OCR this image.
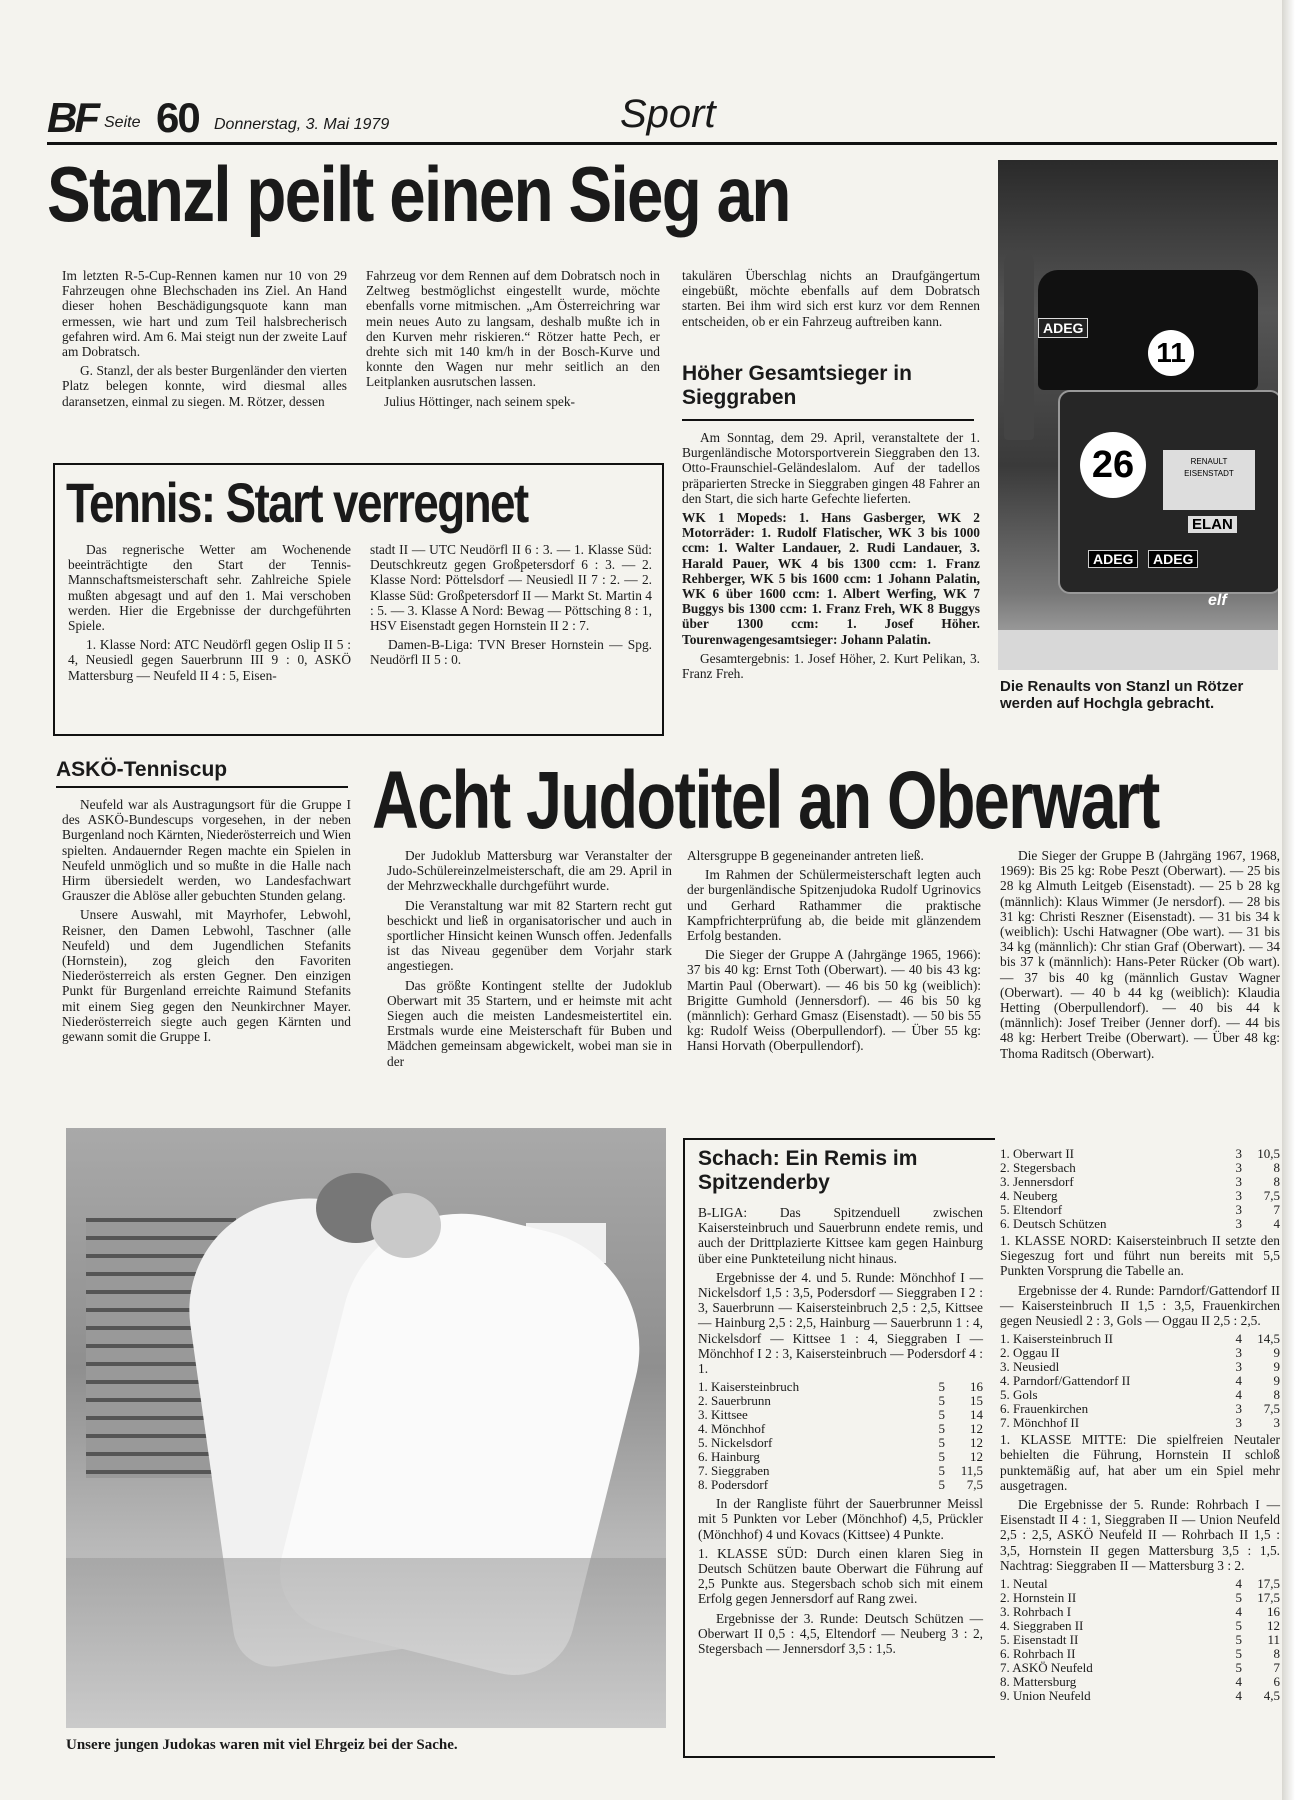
BF Seite 60 Donnerstag, 3. Mai 1979	Sport
Stanzl peilt einen Sieg an

Im letzten R-5-Cup-Rennen kamen nur 10 von 29 Fahrzeugen ohne Blechschaden ins Ziel. An Hand dieser hohen Beschädigungsquote kann man ermessen, wie hart und zum Teil halsbrecherisch gefahren wird. Am 6. Mai steigt nun der zweite Lauf am Dobratsch.

G. Stanzl, der als bester Burgenländer den vierten Platz belegen konnte, wird diesmal alles daransetzen, einmal zu siegen. M. Rötzer, dessen

Fahrzeug vor dem Rennen auf dem Dobratsch noch in Zeltweg bestmöglichst eingestellt wurde, möchte ebenfalls vorne mitmischen. „Am Österreichring war mein neues Auto zu langsam, deshalb mußte ich in den Kurven mehr riskieren.“ Rötzer hatte Pech, er drehte sich mit 140 km/h in der Bosch-Kurve und konnte den Wagen nur mehr seitlich an den Leitplanken ausrutschen lassen.

Julius Höttinger, nach seinem spek-

takulären Überschlag nichts an Draufgängertum eingebüßt, möchte ebenfalls auf dem Dobratsch starten. Bei ihm wird sich erst kurz vor dem Rennen entscheiden, ob er ein Fahrzeug auftreiben kann.	ADEG
11
26	RENAULT
EISENSTADT
ELAN
ADEG	ADEG
elf
Die Renaults von Stanzl un Rötzer werden auf Hochgla gebracht.
Höher Gesamtsieger in Sieggraben

Am Sonntag, dem 29. April, veranstaltete der 1. Burgenländische Motorsportverein Sieggraben den 13. Otto-Fraunschiel-Geländeslalom. Auf der tadellos präparierten Strecke in Sieggraben gingen 48 Fahrer an den Start, die sich harte Gefechte lieferten.

WK 1 Mopeds: 1. Hans Gasberger, WK 2 Motorräder: 1. Rudolf Flatischer, WK 3 bis 1000 ccm: 1. Walter Landauer, 2. Rudi Landauer, 3. Harald Pauer, WK 4 bis 1300 ccm: 1. Franz Rehberger, WK 5 bis 1600 ccm: 1 Johann Palatin, WK 6 über 1600 ccm: 1. Albert Werfing, WK 7 Buggys bis 1300 ccm: 1. Franz Freh, WK 8 Buggys über 1300 ccm: 1. Josef Höher. Tourenwagengesamtsieger: Johann Palatin.

Gesamtergebnis: 1. Josef Höher, 2. Kurt Pelikan, 3. Franz Freh.

Tennis: Start verregnet

Das regnerische Wetter am Wochenende beeinträchtigte den Start der Tennis-Mannschaftsmeisterschaft sehr. Zahlreiche Spiele mußten abgesagt und auf den 1. Mai verschoben werden. Hier die Ergebnisse der durchgeführten Spiele.

1. Klasse Nord: ATC Neudörfl gegen Oslip II 5 : 4, Neusiedl gegen Sauerbrunn III 9 : 0, ASKÖ Mattersburg — Neufeld II 4 : 5, Eisen-

stadt II — UTC Neudörfl II 6 : 3. — 1. Klasse Süd: Deutschkreutz gegen Großpetersdorf 6 : 3. — 2. Klasse Nord: Pöttelsdorf — Neusiedl II 7 : 2. — 2. Klasse Süd: Großpetersdorf II — Markt St. Martin 4 : 5. — 3. Klasse A Nord: Bewag — Pöttsching 8 : 1, HSV Eisenstadt gegen Hornstein II 2 : 7.

Damen-B-Liga: TVN Breser Hornstein — Spg. Neudörfl II 5 : 0.

ASKÖ-Tenniscup

Neufeld war als Austragungsort für die Gruppe I des ASKÖ-Bundescups vorgesehen, in der neben Burgenland noch Kärnten, Niederösterreich und Wien spielten. Andauernder Regen machte ein Spielen in Neufeld unmöglich und so mußte in die Halle nach Hirm übersiedelt werden, wo Landesfachwart Grauszer die Ablöse aller gebuchten Stunden gelang.

Unsere Auswahl, mit Mayrhofer, Lebwohl, Reisner, den Damen Lebwohl, Taschner (alle Neufeld) und dem Jugendlichen Stefanits (Hornstein), zog gleich den Favoriten Niederösterreich als ersten Gegner. Den einzigen Punkt für Burgenland erreichte Raimund Stefanits mit einem Sieg gegen den Neunkirchner Mayer. Niederösterreich siegte auch gegen Kärnten und gewann somit die Gruppe I.

Acht Judotitel an Oberwart

Der Judoklub Mattersburg war Veranstalter der Judo-Schülereinzelmeisterschaft, die am 29. April in der Mehrzweckhalle durchgeführt wurde.

Die Veranstaltung war mit 82 Startern recht gut beschickt und ließ in organisatorischer und auch in sportlicher Hinsicht keinen Wunsch offen. Jedenfalls ist das Niveau gegenüber dem Vorjahr stark angestiegen.

Das größte Kontingent stellte der Judoklub Oberwart mit 35 Startern, und er heimste mit acht Siegen auch die meisten Landesmeistertitel ein. Erstmals wurde eine Meisterschaft für Buben und Mädchen gemeinsam abgewickelt, wobei man sie in der

Altersgruppe B gegeneinander antreten ließ.

Im Rahmen der Schülermeisterschaft legten auch der burgenländische Spitzenjudoka Rudolf Ugrinovics und Gerhard Rathammer die praktische Kampfrichterprüfung ab, die beide mit glänzendem Erfolg bestanden.

Die Sieger der Gruppe A (Jahrgänge 1965, 1966): 37 bis 40 kg: Ernst Toth (Oberwart). — 40 bis 43 kg: Martin Paul (Oberwart). — 46 bis 50 kg (weiblich): Brigitte Gumhold (Jennersdorf). — 46 bis 50 kg (männlich): Gerhard Gmasz (Eisenstadt). — 50 bis 55 kg: Rudolf Weiss (Oberpullendorf). — Über 55 kg: Hansi Horvath (Oberpullendorf).

Die Sieger der Gruppe B (Jahrgäng 1967, 1968, 1969): Bis 25 kg: Robe Peszt (Oberwart). — 25 bis 28 kg Almuth Leitgeb (Eisenstadt). — 25 b 28 kg (männlich): Klaus Wimmer (Je nersdorf). — 28 bis 31 kg: Christi Reszner (Eisenstadt). — 31 bis 34 k (weiblich): Uschi Hatwagner (Obe wart). — 31 bis 34 kg (männlich): Chr stian Graf (Oberwart). — 34 bis 37 k (männlich): Hans-Peter Rücker (Ob wart). — 37 bis 40 kg (männlich Gustav Wagner (Oberwart). — 40 b 44 kg (weiblich): Klaudia Hetting (Oberpullendorf). — 40 bis 44 k (männlich): Josef Treiber (Jenner dorf). — 44 bis 48 kg: Herbert Treibe (Oberwart). — Über 48 kg: Thoma Raditsch (Oberwart).

Unsere jungen Judokas waren mit viel Ehrgeiz bei der Sache.
Schach: Ein Remis im Spitzenderby

B-LIGA: Das Spitzenduell zwischen Kaisersteinbruch und Sauerbrunn endete remis, und auch der Drittplazierte Kittsee kam gegen Hainburg über eine Punkteteilung nicht hinaus.

Ergebnisse der 4. und 5. Runde: Mönchhof I — Nickelsdorf 1,5 : 3,5, Podersdorf — Sieggraben I 2 : 3, Sauerbrunn — Kaisersteinbruch 2,5 : 2,5, Kittsee — Hainburg 2,5 : 2,5, Hainburg — Sauerbrunn 1 : 4, Nickelsdorf — Kittsee 1 : 4, Sieggraben I — Mönchhof I 2 : 3, Kaisersteinbruch — Podersdorf 4 : 1.

1. Kaisersteinbruch	5	16
2. Sauerbrunn	5	15
3. Kittsee	5	14
4. Mönchhof	5	12
5. Nickelsdorf	5	12
6. Hainburg	5	12
7. Sieggraben	5	11,5
8. Podersdorf	5	7,5

In der Rangliste führt der Sauerbrunner Meissl mit 5 Punkten vor Leber (Mönchhof) 4,5, Prückler (Mönchhof) 4 und Kovacs (Kittsee) 4 Punkte.

1. KLASSE SÜD: Durch einen klaren Sieg in Deutsch Schützen baute Oberwart die Führung auf 2,5 Punkte aus. Stegersbach schob sich mit einem Erfolg gegen Jennersdorf auf Rang zwei.

Ergebnisse der 3. Runde: Deutsch Schützen — Oberwart II 0,5 : 4,5, Eltendorf — Neuberg 3 : 2, Stegersbach — Jennersdorf 3,5 : 1,5.

1. Oberwart II	3	10,5
2. Stegersbach	3	8
3. Jennersdorf	3	8
4. Neuberg	3	7,5
5. Eltendorf	3	7
6. Deutsch Schützen	3	4

1. KLASSE NORD: Kaisersteinbruch II setzte den Siegeszug fort und führt nun bereits mit 5,5 Punkten Vorsprung die Tabelle an.

Ergebnisse der 4. Runde: Parndorf/Gattendorf II — Kaisersteinbruch II 1,5 : 3,5, Frauenkirchen gegen Neusiedl 2 : 3, Gols — Oggau II 2,5 : 2,5.

1. Kaisersteinbruch II	4	14,5
2. Oggau II	3	9
3. Neusiedl	3	9
4. Parndorf/Gattendorf II	4	9
5. Gols	4	8
6. Frauenkirchen	3	7,5
7. Mönchhof II	3	3

1. KLASSE MITTE: Die spielfreien Neutaler behielten die Führung, Hornstein II schloß punktemäßig auf, hat aber um ein Spiel mehr ausgetragen.

Die Ergebnisse der 5. Runde: Rohrbach I — Eisenstadt II 4 : 1, Sieggraben II — Union Neufeld 2,5 : 2,5, ASKÖ Neufeld II — Rohrbach II 1,5 : 3,5, Hornstein II gegen Mattersburg 3,5 : 1,5. Nachtrag: Sieggraben II — Mattersburg 3 : 2.

1. Neutal	4	17,5
2. Hornstein II	5	17,5
3. Rohrbach I	4	16
4. Sieggraben II	5	12
5. Eisenstadt II	5	11
6. Rohrbach II	5	8
7. ASKÖ Neufeld	5	7
8. Mattersburg	4	6
9. Union Neufeld	4	4,5
